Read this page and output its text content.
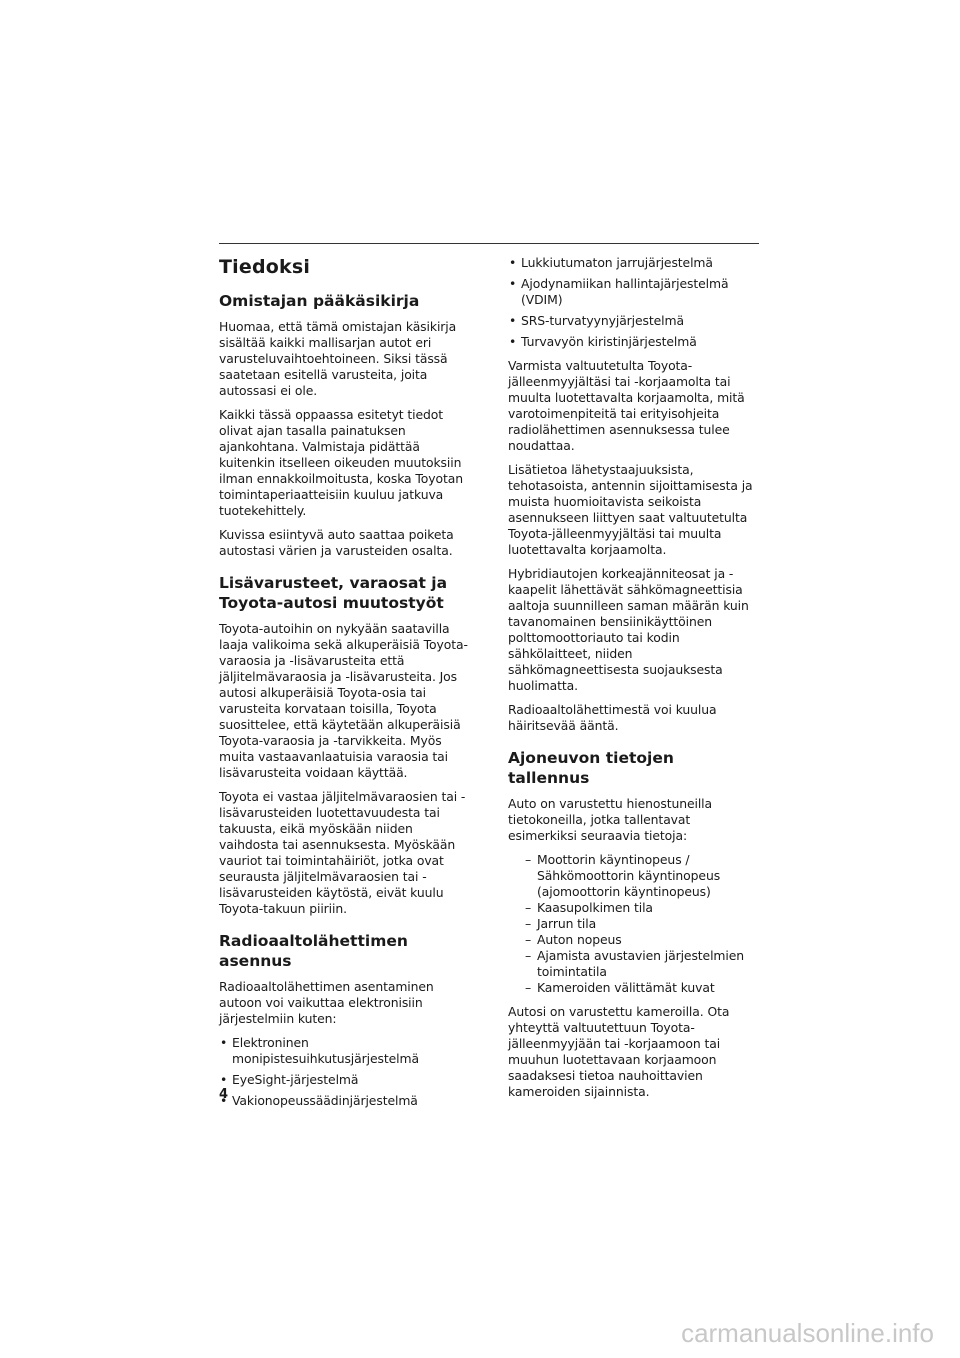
Tiedoksi
Omistajan pääkäsikirja

Huomaa, että tämä omistajan käsikirja sisältää kaikki mallisarjan autot eri varusteluvaihtoehtoineen. Siksi tässä saatetaan esitellä varusteita, joita autossasi ei ole.

Kaikki tässä oppaassa esitetyt tiedot olivat ajan tasalla painatuksen ajankohtana. Valmistaja pidättää kuitenkin itselleen oikeuden muutoksiin ilman ennakkoilmoitusta, koska Toyotan toimintaperiaatteisiin kuuluu jatkuva tuotekehittely.

Kuvissa esiintyvä auto saattaa poiketa autostasi värien ja varusteiden osalta.

Lisävarusteet, varaosat ja Toyota-autosi muutostyöt

Toyota-autoihin on nykyään saatavilla laaja valikoima sekä alkuperäisiä Toyota-varaosia ja -lisävarusteita että jäljitelmävaraosia ja -lisävarusteita. Jos autosi alkuperäisiä Toyota-osia tai varusteita korvataan toisilla, Toyota suosittelee, että käytetään alkuperäisiä Toyota-varaosia ja -tarvikkeita. Myös muita vastaavanlaatuisia varaosia tai lisävarusteita voidaan käyttää.

Toyota ei vastaa jäljitelmävaraosien tai -lisävarusteiden luotettavuudesta tai takuusta, eikä myöskään niiden vaihdosta tai asennuksesta. Myöskään vauriot tai toimintahäiriöt, jotka ovat seurausta jäljitelmävaraosien tai -lisävarusteiden käytöstä, eivät kuulu Toyota-takuun piiriin.

Radioaaltolähettimen asennus

Radioaaltolähettimen asentaminen autoon voi vaikuttaa elektronisiin järjestelmiin kuten:

• Elektroninen monipistesuihkutusjärjestelmä
• EyeSight-järjestelmä
• Vakionopeussäädinjärjestelmä
• Lukkiutumaton jarrujärjestelmä
• Ajodynamiikan hallintajärjestelmä (VDIM)
• SRS-turvatyynyjärjestelmä
• Turvavyön kiristinjärjestelmä

Varmista valtuutetulta Toyota-jälleenmyyjältäsi tai -korjaamolta tai muulta luotettavalta korjaamolta, mitä varotoimenpiteitä tai erityisohjeita radiolähettimen asennuksessa tulee noudattaa.

Lisätietoa lähetystaajuuksista, tehotasoista, antennin sijoittamisesta ja muista huomioitavista seikoista asennukseen liittyen saat valtuutetulta Toyota-jälleenmyyjältäsi tai muulta luotettavalta korjaamolta.

Hybridiautojen korkeajänniteosat ja -kaapelit lähettävät sähkömagneettisia aaltoja suunnilleen saman määrän kuin tavanomainen bensiinikäyttöinen polttomoottoriauto tai kodin sähkölaitteet, niiden sähkömagneettisesta suojauksesta huolimatta.

Radioaaltolähettimestä voi kuulua häiritsevää ääntä.

Ajoneuvon tietojen tallennus

Auto on varustettu hienostuneilla tietokoneilla, jotka tallentavat esimerkiksi seuraavia tietoja:

– Moottorin käyntinopeus / Sähkömoottorin käyntinopeus (ajomoottorin käyntinopeus)
– Kaasupolkimen tila
– Jarrun tila
– Auton nopeus
– Ajamista avustavien järjestelmien toimintatila
– Kameroiden välittämät kuvat

Autosi on varustettu kameroilla. Ota yhteyttä valtuutettuun Toyota-jälleenmyyjään tai -korjaamoon tai muuhun luotettavaan korjaamoon saadaksesi tietoa nauhoittavien kameroiden sijainnista.

4
carmanualsonline.info
